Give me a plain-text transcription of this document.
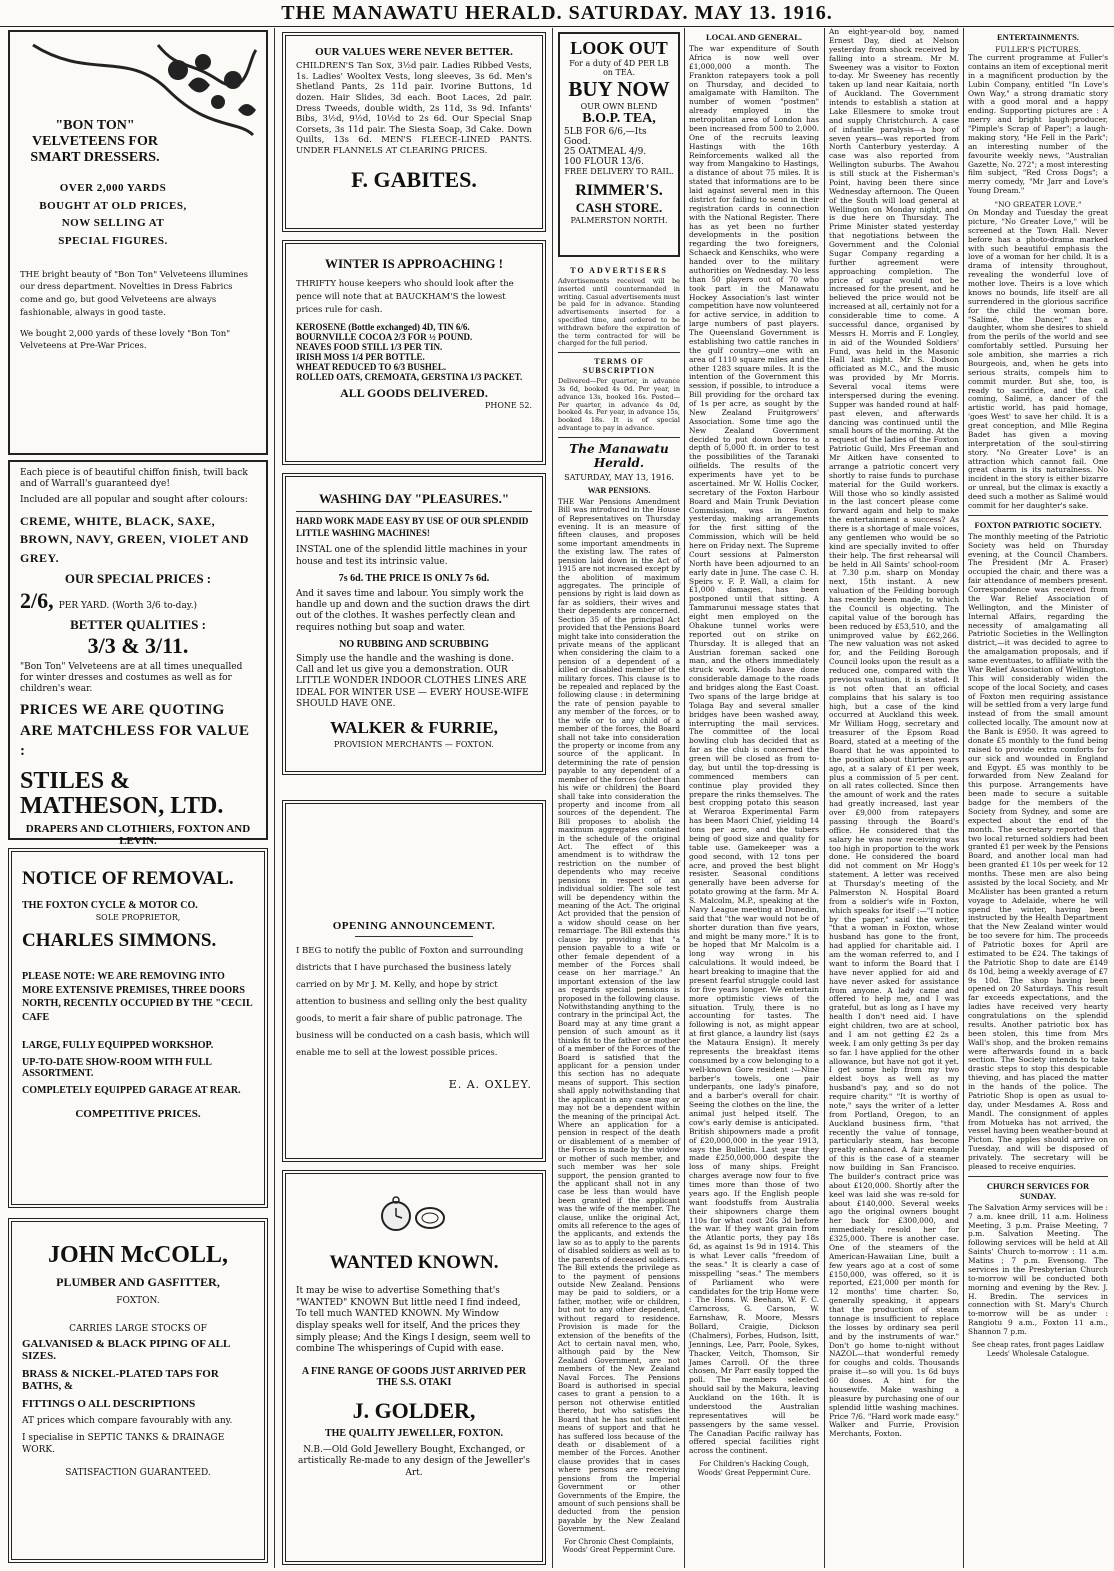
THE MANAWATU HERALD. SATURDAY. MAY 13. 1916.
"BON TON" VELVETEENS FOR SMART DRESSERS.
OVER 2,000 YARDS BOUGHT AT OLD PRICES, NOW SELLING AT SPECIAL FIGURES.
THE bright beauty of "Bon Ton" Velveteens illumines our dress department. Novelties in Dress Fabrics come and go, but good Velveteens are always fashionable, always in good taste.
We bought 2,000 yards of these lovely "Bon Ton" Velveteens at Pre-War Prices.
Each piece is of beautiful chiffon finish, twill back and of Warrall's guaranteed dye!
Included are all popular and sought after colours:
CREME, WHITE, BLACK, SAXE, BROWN, NAVY, GREEN, VIOLET AND GREY.
OUR SPECIAL PRICES :
2/6, PER YARD. (Worth 3/6 to-day.)
BETTER QUALITIES :
3/3 & 3/11.
"Bon Ton" Velveteens are at all times unequalled for winter dresses and costumes as well as for children's wear.
PRICES WE ARE QUOTING ARE MATCHLESS FOR VALUE :
STILES & MATHESON, LTD.
DRAPERS AND CLOTHIERS, FOXTON AND LEVIN.
NOTICE OF REMOVAL.
THE FOXTON CYCLE & MOTOR CO.
SOLE PROPRIETOR,
CHARLES SIMMONS.
PLEASE NOTE: WE ARE REMOVING INTO MORE EXTENSIVE PREMISES, THREE DOORS NORTH, RECENTLY OCCUPIED BY THE "CECIL CAFE
LARGE, FULLY EQUIPPED WORKSHOP.
UP-TO-DATE SHOW-ROOM WITH FULL ASSORTMENT.
COMPLETELY EQUIPPED GARAGE AT REAR.
COMPETITIVE PRICES.
JOHN McCOLL,
PLUMBER AND GASFITTER,
FOXTON.
CARRIES LARGE STOCKS OF
GALVANISED & BLACK PIPING OF ALL SIZES.
BRASS & NICKEL-PLATED TAPS FOR BATHS, &
FITTINGS O ALL DESCRIPTIONS
AT prices which compare favourably with any.
I specialise in SEPTIC TANKS & DRAINAGE WORK.
SATISFACTION GUARANTEED.
OUR VALUES WERE NEVER BETTER.
CHILDREN'S Tan Sox, 3½d pair. Ladies Ribbed Vests, 1s. Ladies' Wooltex Vests, long sleeves, 3s 6d. Men's Shetland Pants, 2s 11d pair. Ivorine Buttons, 1d dozen. Hair Slides, 3d each. Boot Laces, 2d pair. Dress Tweeds, double width, 2s 11d, 3s 9d. Infants' Bibs, 3½d, 9½d, 10½d to 2s 6d. Our Special Snap Corsets, 3s 11d pair. The Siesta Soap, 3d Cake. Down Quilts, 13s 6d. MEN'S FLEECE-LINED PANTS. UNDER FLANNELS AT CLEARING PRICES.
F. GABITES.
WINTER IS APPROACHING !
THRIFTY house keepers who should look after the pence will note that at BAUCKHAM'S the lowest prices rule for cash.
KEROSENE (Bottle exchanged) 4D, TIN 6/6.
BOURNVILLE COCOA 2/3 FOR ½ POUND.
NEAVES FOOD STILL 1/3 PER TIN.
IRISH MOSS 1/4 PER BOTTLE.
WHEAT REDUCED TO 6/3 BUSHEL.
ROLLED OATS, CREMOATA, GERSTINA 1/3 PACKET.
ALL GOODS DELIVERED.
PHONE 52.
WASHING DAY "PLEASURES."
HARD WORK MADE EASY BY USE OF OUR SPLENDID LITTLE WASHING MACHINES!
INSTAL one of the splendid little machines in your house and test its intrinsic value.
7s 6d. THE PRICE IS ONLY 7s 6d.
And it saves time and labour. You simply work the handle up and down and the suction draws the dirt out of the clothes. It washes perfectly clean and requires nothing but soap and water.
NO RUBBING AND SCRUBBING
Simply use the handle and the washing is done. Call and let us give you a demonstration. OUR LITTLE WONDER INDOOR CLOTHES LINES ARE IDEAL FOR WINTER USE — EVERY HOUSE-WIFE SHOULD HAVE ONE.
WALKER & FURRIE,
PROVISION MERCHANTS — FOXTON.
OPENING ANNOUNCEMENT.
I BEG to notify the public of Foxton and surrounding districts that I have purchased the business lately carried on by Mr J. M. Kelly, and hope by strict attention to business and selling only the best quality goods, to merit a fair share of public patronage. The business will be conducted on a cash basis, which will enable me to sell at the lowest possible prices.
E. A. OXLEY.
WANTED KNOWN.
It may be wise to advertise Something that's "WANTED" KNOWN But little need I find indeed, To tell much WANTED KNOWN. My Window display speaks well for itself, And the prices they simply please; And the Kings I design, seem well to combine The whisperings of Cupid with ease.
A FINE RANGE OF GOODS JUST ARRIVED PER THE S.S. OTAKI
J. GOLDER,
THE QUALITY JEWELLER, FOXTON.
N.B.—Old Gold Jewellery Bought, Exchanged, or artistically Re-made to any design of the Jeweller's Art.
LOOK OUT
For a duty of 4D PER LB on TEA.
BUY NOW
OUR OWN BLEND
B.O.P. TEA,
5LB FOR 6/6,—Its Good.
25 OATMEAL 4/9.
100 FLOUR 13/6.
FREE DELIVERY TO RAIL.
RIMMER'S.
CASH STORE.
PALMERSTON NORTH.
TO ADVERTISERS
Advertisements received will be inserted until countermanded in writing. Casual advertisements must be paid for in advance. Standing advertisements inserted for a specified time, and ordered to be withdrawn before the expiration of the term contracted for will be charged for the full period.
TERMS OF SUBSCRIPTION
Delivered—Per quarter, in advance 3s 6d, booked 4s 0d. Per year, in advance 13s, booked 16s. Posted—Per quarter, in advance 4s 0d, booked 4s. Per year, in advance 15s, booked 18s. It is of special advantage to pay in advance.
The Manawatu Herald.
SATURDAY, MAY 13, 1916.
WAR PENSIONS.
THE War Pensions Amendment Bill was introduced in the House of Representatives on Thursday evening. It is an measure of fifteen clauses, and proposes some important amendments in the existing law. The rates of pension laid down in the Act of 1915 are not increased except by the abolition of maximum aggregates. The principle of pensions by right is laid down as far as soldiers, their wives and their dependents are concerned. Section 35 of the principal Act provided that the Pensions Board might take into consideration the private means of the applicant when considering the claim to a pension of a dependent of a killed or disabled member of the military forces. This clause is to be repealed and replaced by the following clause : in determining the rate of pension payable to any member of the forces, or to the wife or to any child of a member of the forces, the Board shall not take into consideration the property or income from any source of the applicant. In determining the rate of pension payable to any dependent of a member of the forces (other than his wife or children) the Board shall take into consideration the property and income from all sources of the dependent. The Bill proposes to abolish the maximum aggregates contained in the schedule of the original Act. The effect of this amendment is to withdraw the restriction on the number of dependents who may receive pensions in respect of an individual soldier. The sole test will be dependency within the meaning of the Act. The original Act provided that the pension of a widow should cease on her remarriage. The Bill extends this clause by providing that "a pension payable to a wife or other female dependent of a member of the Forces shall cease on her marriage." An important extension of the law as regards special pensions is proposed in the following clause. Notwithstanding anything to the contrary in the principal Act, the Board may at any time grant a pension of such amount as it thinks fit to the father or mother of a member of the Forces of the Board is satisfied that the applicant for a pension under this section has no adequate means of support. This section shall apply notwithstanding that the applicant in any case may or may not be a dependent within the meaning of the principal Act. Where an application for a pension in respect of the death or disablement of a member of the Forces is made by the widow or mother of such member, and such member was her sole support, the pension granted to the applicant shall not in any case be less than would have been granted if the applicant was the wife of the member. The clause, unlike the original Act, omits all reference to the ages of the applicants, and extends the law so as to apply to the parents of disabled soldiers as well as to the parents of deceased soldiers. The Bill extends the privilege as to the payment of pensions outside New Zealand. Pensions may be paid to soldiers, or a father, mother, wife or children, but not to any other dependent, without regard to residence. Provision is made for the extension of the benefits of the Act to certain naval men, who, although paid by the New Zealand Government, are not members of the New Zealand Naval Forces. The Pensions Board is authorised in special cases to grant a pension to a person not otherwise entitled thereto, but who satisfies the Board that he has not sufficient means of support and that he has suffered loss because of the death or disablement of a member of the Forces. Another clause provides that in cases where persons are receiving pensions from the Imperial Government or other Governments of the Empire, the amount of such pensions shall be deducted from the pension payable by the New Zealand Government.
For Chronic Chest Complaints, Woods' Great Peppermint Cure.
LOCAL AND GENERAL.
The war expenditure of South Africa is now well over £1,000,000 a month. The Frankton ratepayers took a poll on Thursday, and decided to amalgamate with Hamilton. The number of women "postmen" already employed in the metropolitan area of London has been increased from 500 to 2,000. One of the recruits leaving Hastings with the 16th Reinforcements walked all the way from Mangakino to Hastings, a distance of about 75 miles. It is stated that informations are to be laid against several men in this district for failing to send in their registration cards in connection with the National Register. There has as yet been no further developments in the position regarding the two foreigners, Schaeck and Kenschiks, who were handed over to the military authorities on Wednesday. No less than 50 players out of 70 who took part in the Manawatu Hockey Association's last winter competition have now volunteered for active service, in addition to large numbers of past players. The Queensland Government is establishing two cattle ranches in the gulf country—one with an area of 1110 square miles and the other 1283 square miles. It is the intention of the Government this session, if possible, to introduce a Bill providing for the orchard tax of 1s per acre, as sought by the New Zealand Fruitgrowers' Association. Some time ago the New Zealand Government decided to put down bores to a depth of 5,000 ft. in order to test the possibilities of the Taranaki oilfields. The results of the experiments have yet to be ascertained. Mr W. Hollis Cocker, secretary of the Foxton Harbour Board and Main Trunk Deviation Commission, was in Foxton yesterday, making arrangements for the first sitting of the Commission, which will be held here on Friday next. The Supreme Court sessions at Palmerston North have been adjourned to an early date in June. The case C. H. Speirs v. F. P. Wall, a claim for £1,000 damages, has been postponed until that sitting. A Tammarunui message states that eight men employed on the Ohakune tunnel works were reported out on strike on Thursday. It is alleged that an Austrian foreman sacked one man, and the others immediately struck work. Floods have done considerable damage to the roads and bridges along the East Coast. Two spans of the large bridge at Tolaga Bay and several smaller bridges have been washed away, interrupting the mail services. The committee of the local bowling club has decided that as far as the club is concerned the green will be closed as from to-day, but until the top-dressing is commenced members can continue play provided they prepare the rinks themselves. The best cropping potato this season at Weraroa Experimental Farm has been Maori Chief, yielding 14 tons per acre, and the tubers being of good size and quality for table use. Gamekeeper was a good second, with 12 tons per acre, and proved the best blight resister. Seasonal conditions generally have been adverse for potato growing at the farm. Mr A. S. Malcolm, M.P., speaking at the Navy League meeting at Dunedin, said that "the war would not be of shorter duration than five years, and might be many more." It is to be hoped that Mr Malcolm is a long way wrong in his calculations. It would indeed, be heart breaking to imagine that the present fearful struggle could last for five years longer. We entertain more optimistic views of the situation. Truly, there is no accounting for tastes. The following is not, as might appear at first glance, a laundry list (says the Mataura Ensign). It merely represents the breakfast items consumed by a cow belonging to a well-known Gore resident :—Nine barber's towels, one pair underpants, one lady's pinafore, and a barber's overall for chair. Seeing the clothes on the line, the animal just helped itself. The cow's early demise is anticipated. British shipowners made a profit of £20,000,000 in the year 1913, says the Bulletin. Last year they made £250,000,000 despite the loss of many ships. Freight charges average now four to five times more than those of two years ago. If the English people want foodstuffs from Australia their shipowners charge them 110s for what cost 26s 3d before the war. If they want grain from the Atlantic ports, they pay 18s 6d, as against 1s 9d in 1914. This is what Lever calls "freedom of the seas." It is clearly a case of misspelling "seas." The members of Parliament who were candidates for the trip Home were : The Hons. W. Beehan, W. F. C. Carncross, G. Carson, W. Earnshaw, R. Moore, Messrs Bollard, Craigie, Dickson (Chalmers), Forbes, Hudson, Isitt, Jennings, Lee, Parr, Poole, Sykes, Thacker, Veitch, Thomson, Sir James Carroll. Of the three chosen, Mr Parr easily topped the poll. The members selected should sail by the Makura, leaving Auckland on the 16th. It is understood the Australian representatives will be passengers by the same vessel. The Canadian Pacific railway has offered special facilities right across the continent.
For Children's Hacking Cough, Woods' Great Peppermint Cure.
An eight-year-old boy, named Ernest Day, died at Nelson yesterday from shock received by falling into a stream. Mr M. Sweeney was a visitor to Foxton to-day. Mr Sweeney has recently taken up land near Kaitaia, north of Auckland. The Government intends to establish a station at Lake Ellesmere to smoke trout and supply Christchurch. A case of infantile paralysis—a boy of seven years—was reported from North Canterbury yesterday. A case was also reported from Wellington suburbs. The Awahou is still stuck at the Fisherman's Point, having been there since Wednesday afternoon. The Queen of the South will load general at Wellington on Monday night, and is due here on Thursday. The Prime Minister stated yesterday that negotiations between the Government and the Colonial Sugar Company regarding a further agreement were approaching completion. The price of sugar would not be increased for the present, and he believed the price would not be increased at all, certainly not for a considerable time to come. A successful dance, organised by Messrs H. Morris and F. Longley, in aid of the Wounded Soldiers' Fund, was held in the Masonic Hall last night. Mr S. Dodson officiated as M.C., and the music was provided by Mr Morris. Several vocal items were interspersed during the evening. Supper was handed round at half-past eleven, and afterwards dancing was continued until the small hours of the morning. At the request of the ladies of the Foxton Patriotic Guild, Mrs Freeman and Mr Aitken have consented to arrange a patriotic concert very shortly to raise funds to purchase material for the Guild workers. Will those who so kindly assisted in the last concert please come forward again and help to make the entertainment a success? As there is a shortage of male voices, any gentlemen who would be so kind are specially invited to offer their help. The first rehearsal will be held in All Saints' school-room at 7.30 p.m. sharp on Monday next, 15th instant. A new valuation of the Feilding borough has recently been made, to which the Council is objecting. The capital value of the borough has been reduced by £53,510, and the unimproved value by £62,266. The new valuation was not asked for, and the Feilding Borough Council looks upon the result as a reduced one, compared with the previous valuation, it is stated. It is not often that an official complains that his salary is too high, but a case of the kind occurred at Auckland this week. Mr William Hogg, secretary and treasurer of the Epsom Road Board, stated at a meeting of the Board that he was appointed to the position about thirteen years ago, at a salary of £1 per week, plus a commission of 5 per cent. on all rates collected. Since then the amount of work and the rates had greatly increased, last year over £9,000 from ratepayers passing through the Board's office. He considered that the salary he was now receiving was too high in proportion to the work done. He considered the board did not comment on Mr Hogg's statement. A letter was received at Thursday's meeting of the Palmerston N. Hospital Board from a soldier's wife in Foxton, which speaks for itself :—"I notice by the paper," said the writer, "that a woman in Foxton, whose husband has gone to the front, had applied for charitable aid. I am the woman referred to, and I want to inform the Board that I have never applied for aid and have never asked for assistance from anyone. A lady came and offered to help me, and I was grateful, but as long as I have my health I don't need aid. I have eight children, two are at school, and I am not getting £2 2s a week. I am only getting 3s per day so far. I have applied for the other allowance, but have not got it yet. I get some help from my two eldest boys as well as my husband's pay, and so do not require charity." "It is worthy of note," says the writer of a letter from Portland, Oregon, to an Auckland business firm, "that recently the value of tonnage, particularly steam, has become greatly enhanced. A fair example of this is the case of a steamer now building in San Francisco. The builder's contract price was about £120,000. Shortly after the keel was laid she was re-sold for about £140,000. Several weeks ago the original owners bought her back for £300,000, and immediately resold her for £325,000. There is another case. One of the steamers of the American-Hawaiian Line, built a few years ago at a cost of some £150,000, was offered, so it is reported, £21,000 per month for 12 months' time charter. So, generally speaking, it appears that the production of steam tonnage is insufficient to replace the losses by ordinary sea peril and by the instruments of war." Don't go home to-night without NAZOL—that wonderful remedy for coughs and colds. Thousands praise it—so will you. 1s 6d buys 60 doses. A hint for the housewife. Make washing a pleasure by purchasing one of our splendid little washing machines. Price 7/6. "Hard work made easy." Walker and Furrie, Provision Merchants, Foxton.
ENTERTAINMENTS.
FULLER'S PICTURES.
The current programme at Fuller's contains an item of exceptional merit in a magnificent production by the Lubin Company, entitled "In Love's Own Way," a strong dramatic story with a good moral and a happy ending. Supporting pictures are : A merry and bright laugh-producer, "Pimple's Scrap of Paper"; a laugh-making story, "He Fell in the Park"; an interesting number of the favourite weekly news, "Australian Gazette, No. 272"; a most interesting film subject, "Red Cross Dogs"; a merry comedy, "Mr Jarr and Love's Young Dream."
"NO GREATER LOVE."
On Monday and Tuesday the great picture, "No Greater Love," will be screened at the Town Hall. Never before has a photo-drama marked with such beautiful emphasis the love of a woman for her child. It is a drama of intensity throughout, revealing the wonderful love of mother love. Theirs is a love which knows no bounds, life itself are all surrendered in the glorious sacrifice for the child the woman bore. "Salimé, the Dancer," has a daughter, whom she desires to shield from the perils of the world and see comfortably settled. Pursuing her sole ambition, she marries a rich Bourgeois, and, when he gets into serious straits, compels him to commit murder. But she, too, is ready to sacrifice, and the call coming, Salimé, a dancer of the artistic world, has paid homage, 'goes West' to save her child. It is a great conception, and Mlle Regina Badet has given a moving interpretation of the soul-stirring story. "No Greater Love" is an attraction which cannot fail. One great charm is its naturalness. No incident in the story is either bizarre or unreal, but the climax is exactly a deed such a mother as Salimé would commit for her daughter's sake.
FOXTON PATRIOTIC SOCIETY.
The monthly meeting of the Patriotic Society was held on Thursday evening, at the Council Chambers. The President (Mr A. Fraser) occupied the chair, and there was a fair attendance of members present. Correspondence was received from the War Relief Association of Wellington, and the Minister of Internal Affairs, regarding the necessity of amalgamating all Patriotic Societies in the Wellington district,—it was decided to agree to the amalgamation proposals, and if same eventuates, to affiliate with the War Relief Association of Wellington. This will considerably widen the scope of the local Society, and cases of Foxton men requiring assistance will be settled from a very large fund instead of from the small amount collected locally. The amount now at the Bank is £950. It was agreed to donate £5 monthly to the fund being raised to provide extra comforts for our sick and wounded in England and Egypt. £5 was monthly to be forwarded from New Zealand for this purpose. Arrangements have been made to secure a suitable badge for the members of the Society from Sydney, and some are expected about the end of the month. The secretary reported that two local returned soldiers had been granted £1 per week by the Pensions Board, and another local man had been granted £1 10s per week for 12 months. These men are also being assisted by the local Society, and Mr McAlister has been granted a return voyage to Adelaide, where he will spend the winter, having been instructed by the Health Department that the New Zealand winter would be too severe for him. The proceeds of Patriotic boxes for April are estimated to be £24. The takings of the Patriotic Shop to date are £149 8s 10d, being a weekly average of £7 9s 10d. The shop having been opened on 20 Saturdays. This result far exceeds expectations, and the ladies have received very hearty congratulations on the splendid results. Another patriotic box has been stolen, this time from Mrs Wall's shop, and the broken remains were afterwards found in a back section. The Society intends to take drastic steps to stop this despicable thieving, and has placed the matter in the hands of the police. The Patriotic Shop is open as usual to-day, under Mesdames A. Ross and Mandl. The consignment of apples from Motueka has not arrived, the vessel having been weather-bound at Picton. The apples should arrive on Tuesday, and will be disposed of privately. The secretary will be pleased to receive enquiries.
CHURCH SERVICES FOR SUNDAY.
The Salvation Army services will be : 7 a.m. knee drill, 11 a.m. Holiness Meeting, 3 p.m. Praise Meeting, 7 p.m. Salvation Meeting. The following services will be held at All Saints' Church to-morrow : 11 a.m. Matins ; 7 p.m. Evensong. The services in the Presbyterian Church to-morrow will be conducted both morning and evening by the Rev. J. H. Bredin. The services in connection with St. Mary's Church to-morrow will be as under : Rangiotu 9 a.m., Foxton 11 a.m., Shannon 7 p.m.
See cheap rates, front pages Laidlaw Leeds' Wholesale Catalogue.
